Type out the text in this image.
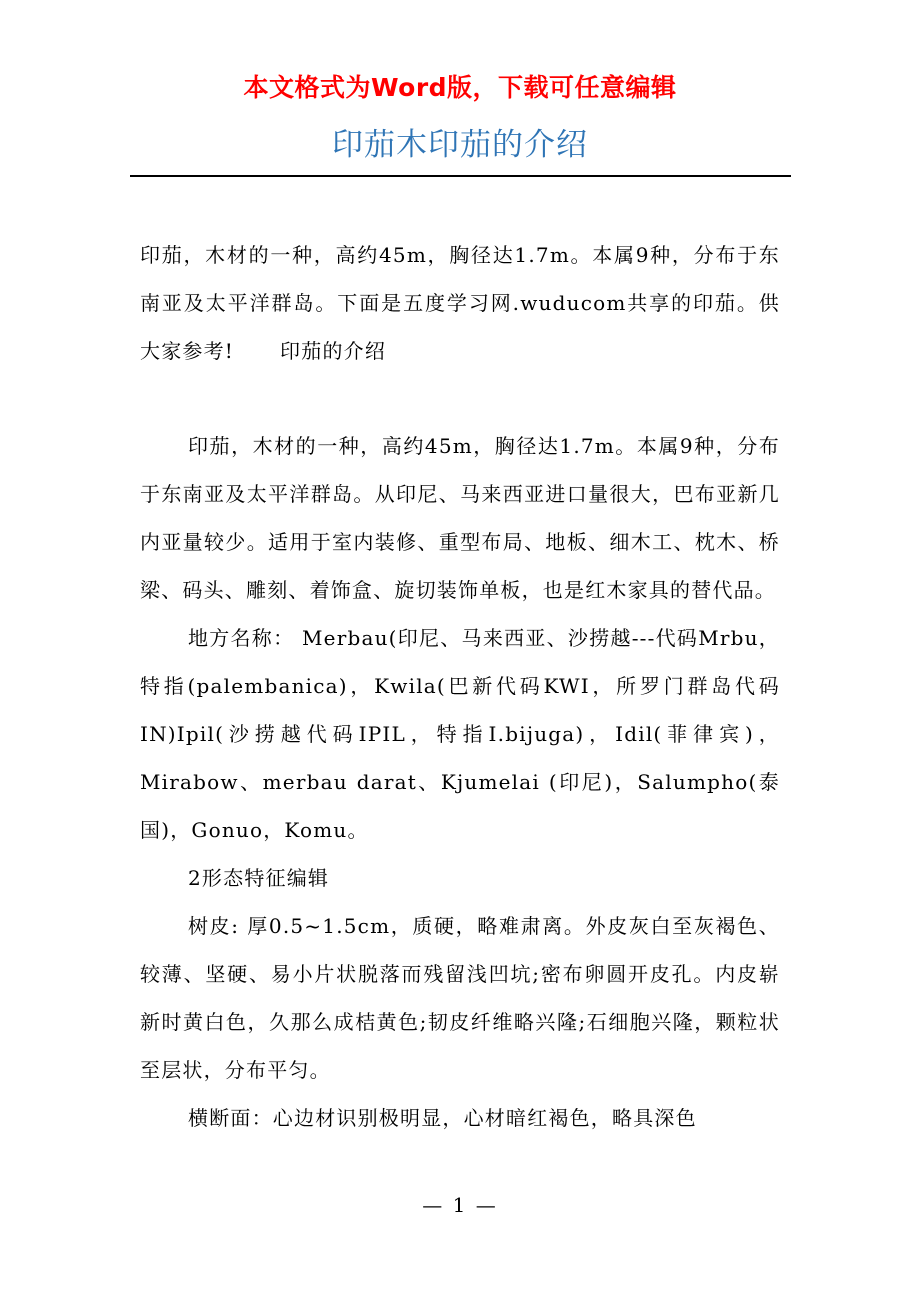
本文格式为Word版，下载可任意编辑
印茄木印茄的介绍

印茄，木材的一种，高约45m，胸径达1.7m。本属9种，分布于东南亚及太平洋群岛。下面是五度学习网.wuducom共享的印茄。供大家参考! 印茄的介绍

印茄，木材的一种，高约45m，胸径达1.7m。本属9种，分布于东南亚及太平洋群岛。从印尼、马来西亚进口量很大，巴布亚新几内亚量较少。适用于室内装修、重型布局、地板、细木工、枕木、桥梁、码头、雕刻、着饰盒、旋切装饰单板，也是红木家具的替代品。

地方名称： Merbau(印尼、马来西亚、沙捞越---代码Mrbu，特指(palembanica)，Kwila(巴新代码KWI，所罗门群岛代码IN)Ipil(沙捞越代码IPIL，特指I.bijuga)，Idil(菲律宾)，Mirabow、merbau darat、Kjumelai (印尼)，Salumpho(泰国)，Gonuo，Komu。

2形态特征编辑

树皮: 厚0.5~1.5cm，质硬，略难肃离。外皮灰白至灰褐色、较薄、坚硬、易小片状脱落而残留浅凹坑;密布卵圆开皮孔。内皮崭新时黄白色，久那么成桔黄色;韧皮纤维略兴隆;石细胞兴隆，颗粒状至层状，分布平匀。

横断面：心边材识别极明显，心材暗红褐色，略具深色

— 1 —
